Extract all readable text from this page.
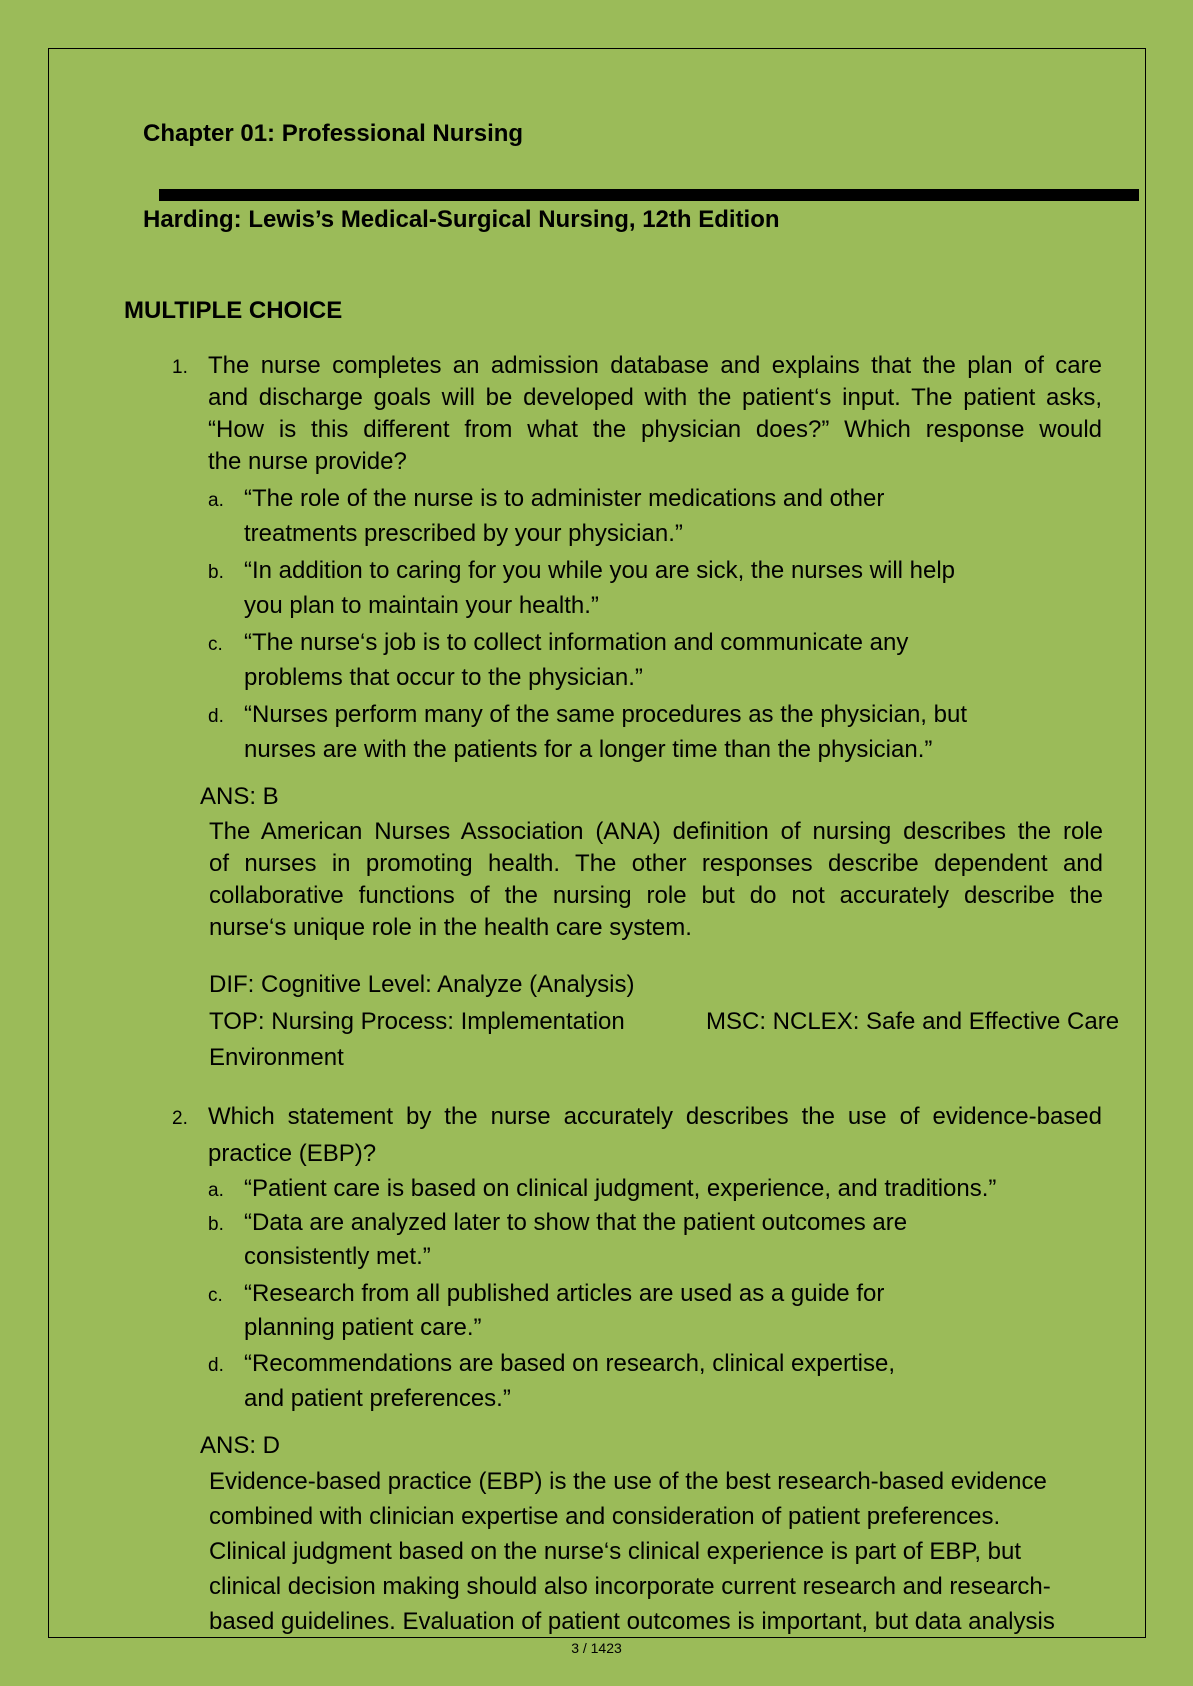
Chapter 01: Professional Nursing
Harding: Lewis’s Medical-Surgical Nursing, 12th Edition
MULTIPLE CHOICE
1. The nurse completes an admission database and explains that the plan of care
and discharge goals will be developed with the patient‘s input. The patient asks,
“How is this different from what the physician does?” Which response would
the nurse provide?
a. “The role of the nurse is to administer medications and other
treatments prescribed by your physician.”
b. “In addition to caring for you while you are sick, the nurses will help
you plan to maintain your health.”
c. “The nurse‘s job is to collect information and communicate any
problems that occur to the physician.”
d. “Nurses perform many of the same procedures as the physician, but
nurses are with the patients for a longer time than the physician.”
ANS: B
The American Nurses Association (ANA) definition of nursing describes the role
of nurses in promoting health. The other responses describe dependent and
collaborative functions of the nursing role but do not accurately describe the
nurse‘s unique role in the health care system.
DIF: Cognitive Level: Analyze (Analysis)
TOP: Nursing Process: Implementation	MSC: NCLEX: Safe and Effective Care
Environment
2. Which statement by the nurse accurately describes the use of evidence-based
practice (EBP)?
a. “Patient care is based on clinical judgment, experience, and traditions.”
b. “Data are analyzed later to show that the patient outcomes are
consistently met.”
c. “Research from all published articles are used as a guide for
planning patient care.”
d. “Recommendations are based on research, clinical expertise,
and patient preferences.”
ANS: D
Evidence-based practice (EBP) is the use of the best research-based evidence
combined with clinician expertise and consideration of patient preferences.
Clinical judgment based on the nurse‘s clinical experience is part of EBP, but
clinical decision making should also incorporate current research and research-
based guidelines. Evaluation of patient outcomes is important, but data analysis
3 / 1423
